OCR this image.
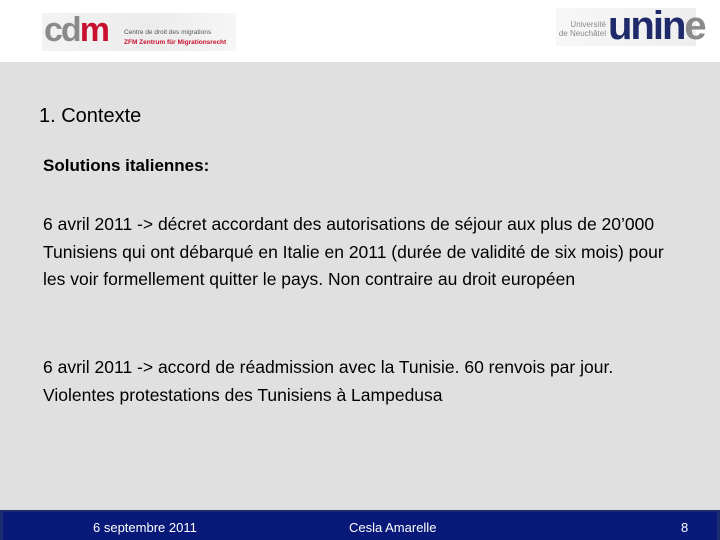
cdm Centre de droit des migrations
ZFM Zentrum für Migrationsrecht
Université
de Neuchâtel unine
1. Contexte
Solutions italiennes:
6 avril 2011 -> décret accordant des autorisations de séjour aux plus de 20’000 Tunisiens qui ont débarqué en Italie en 2011 (durée de validité de six mois) pour les voir formellement quitter le pays. Non contraire au droit européen
6 avril 2011 -> accord de réadmission avec la Tunisie. 60 renvois par jour. Violentes protestations des Tunisiens à Lampedusa
6 septembre 2011	Cesla Amarelle	8
